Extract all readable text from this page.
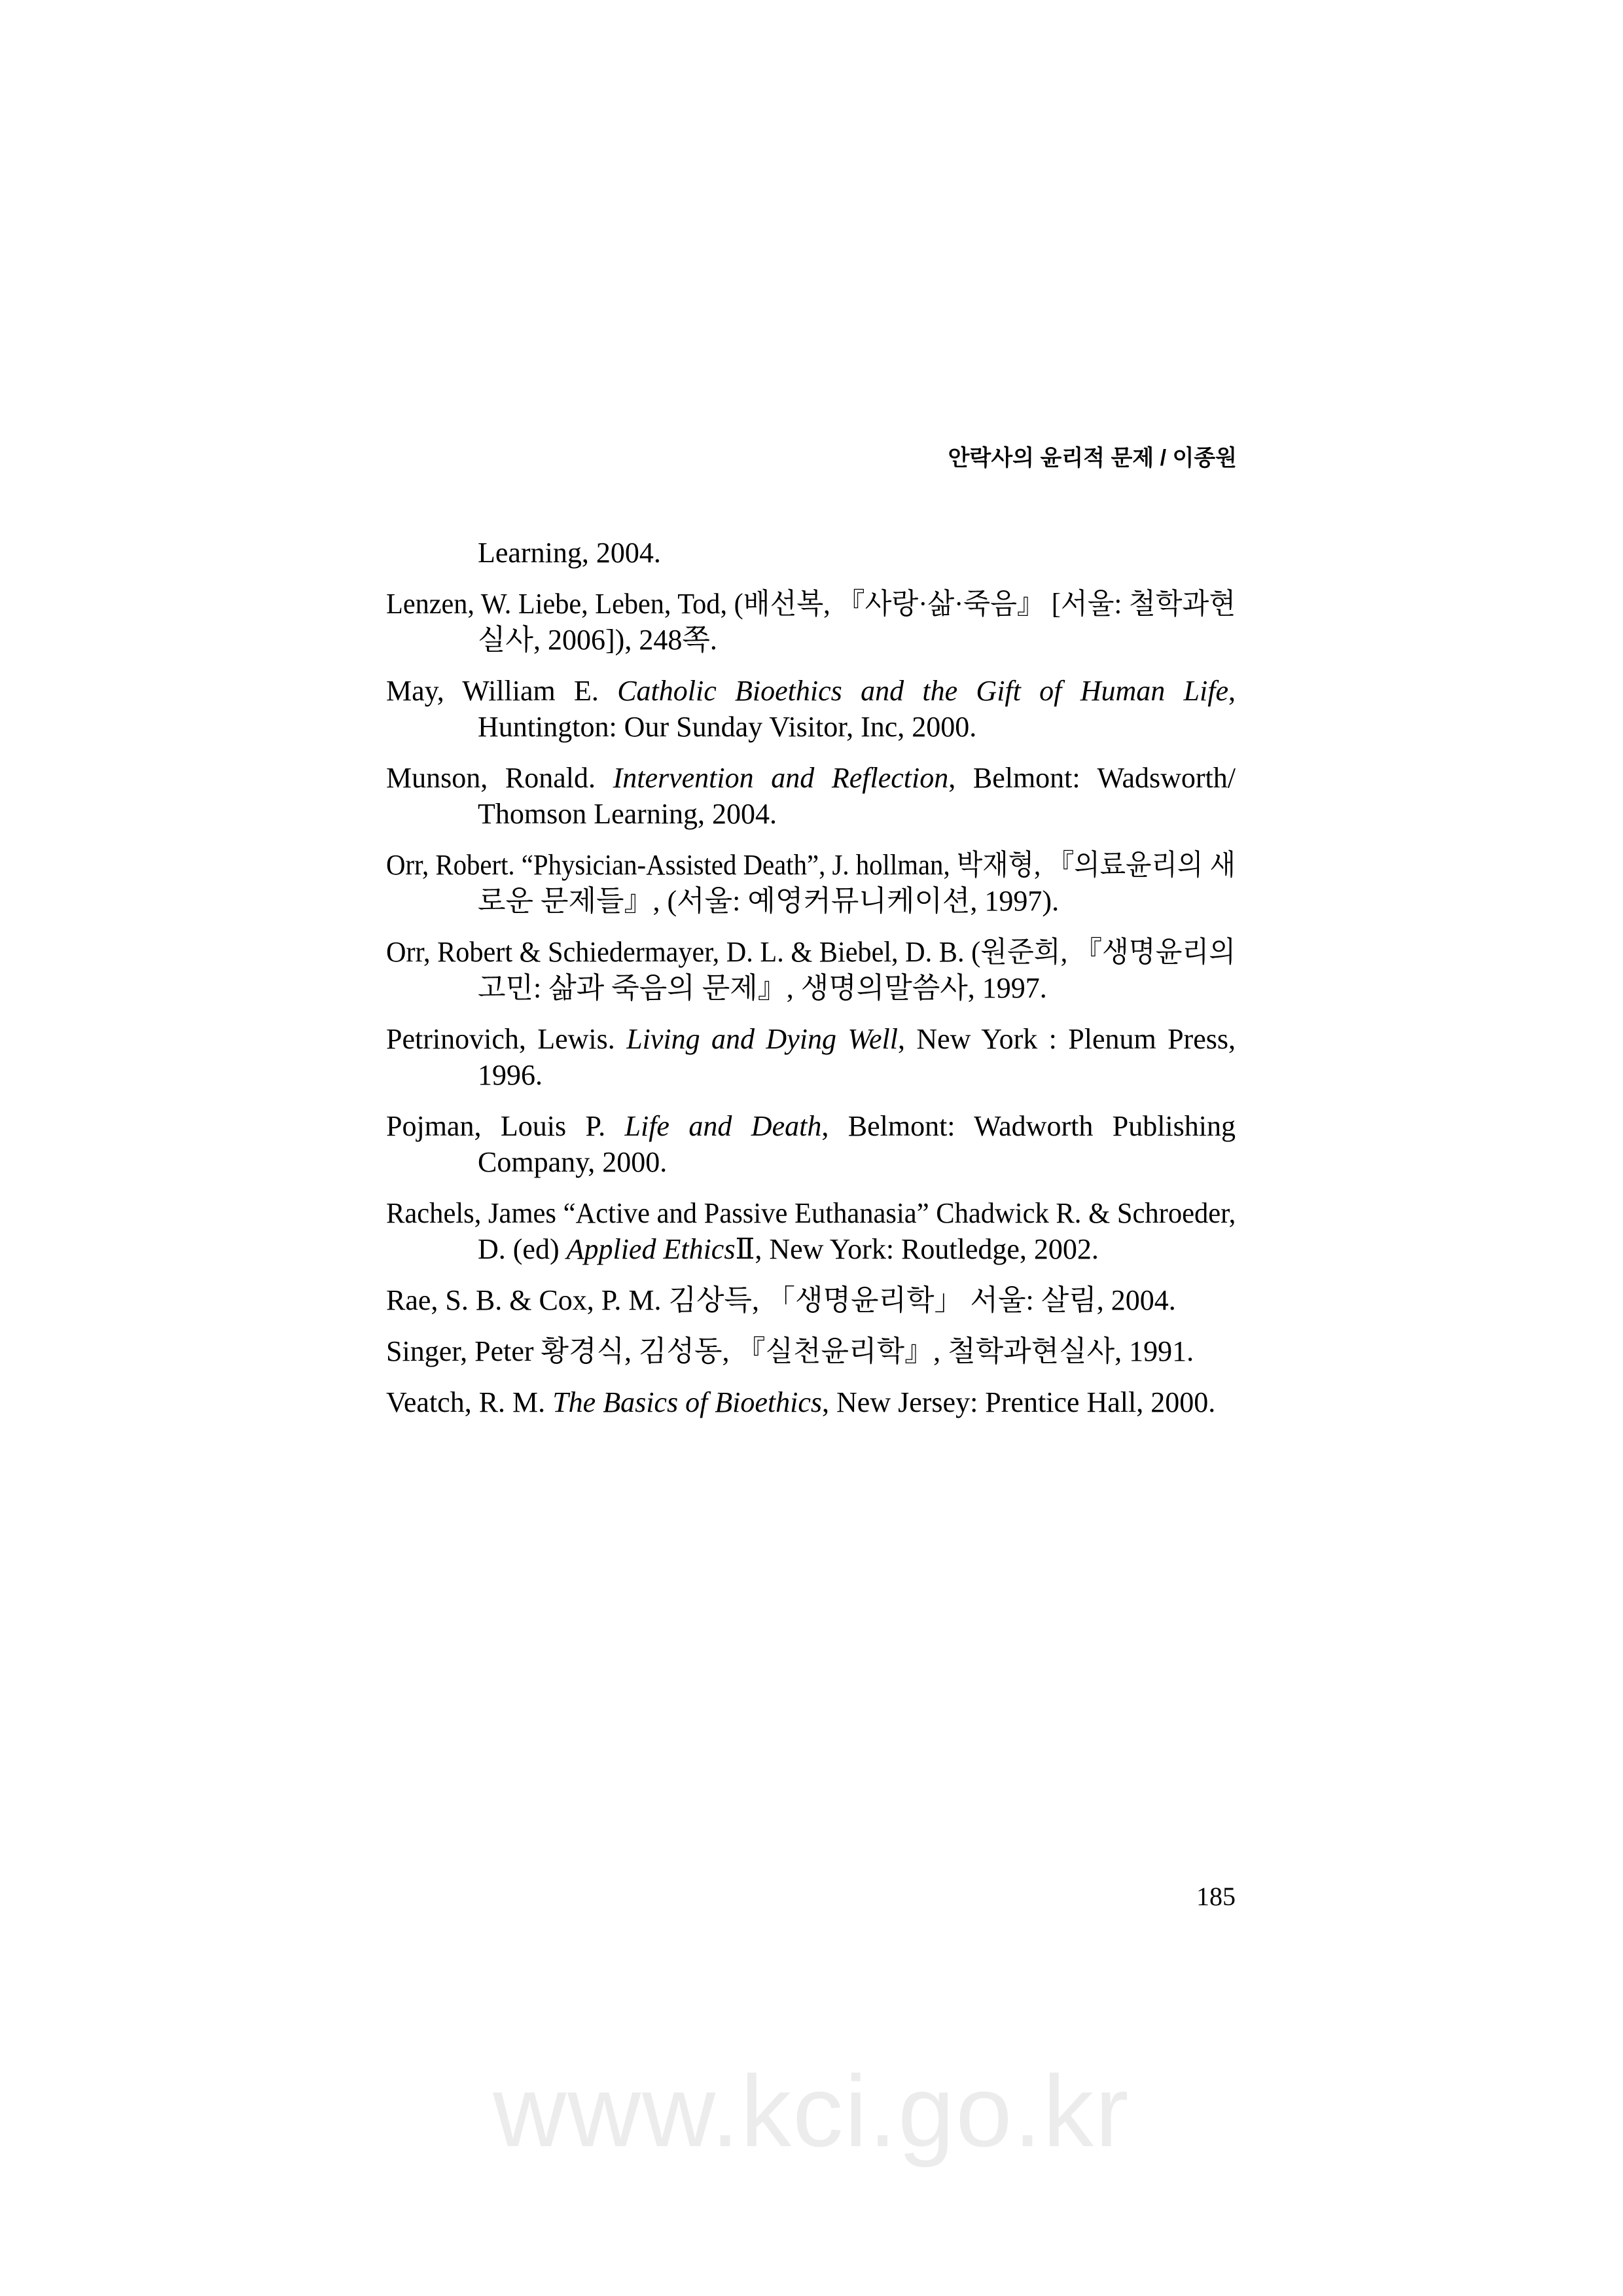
안락사의 윤리적 문제 / 이종원
Learning, 2004.
Lenzen, W. Liebe, Leben, Tod, (배선복, 『사랑·삶·죽음』 [서울: 철학과현
실사, 2006]), 248쪽.
May, William E. Catholic Bioethics and the Gift of Human Life,
Huntington: Our Sunday Visitor, Inc, 2000.
Munson, Ronald. Intervention and Reflection, Belmont: Wadsworth/
Thomson Learning, 2004.
Orr, Robert. “Physician-Assisted Death”, J. hollman, 박재형, 『의료윤리의 새
로운 문제들』, (서울: 예영커뮤니케이션, 1997).
Orr, Robert & Schiedermayer, D. L. & Biebel, D. B. (원준희, 『생명윤리의
고민: 삶과 죽음의 문제』, 생명의말씀사, 1997.
Petrinovich, Lewis. Living and Dying Well, New York : Plenum Press,
1996.
Pojman, Louis P. Life and Death, Belmont: Wadworth Publishing
Company, 2000.
Rachels, James “Active and Passive Euthanasia” Chadwick R. & Schroeder,
D. (ed) Applied EthicsⅡ, New York: Routledge, 2002.
Rae, S. B. & Cox, P. M. 김상득, 「생명윤리학」 서울: 살림, 2004.
Singer, Peter 황경식, 김성동, 『실천윤리학』, 철학과현실사, 1991.
Veatch, R. M. The Basics of Bioethics, New Jersey: Prentice Hall, 2000.
185
www.kci.go.kr
